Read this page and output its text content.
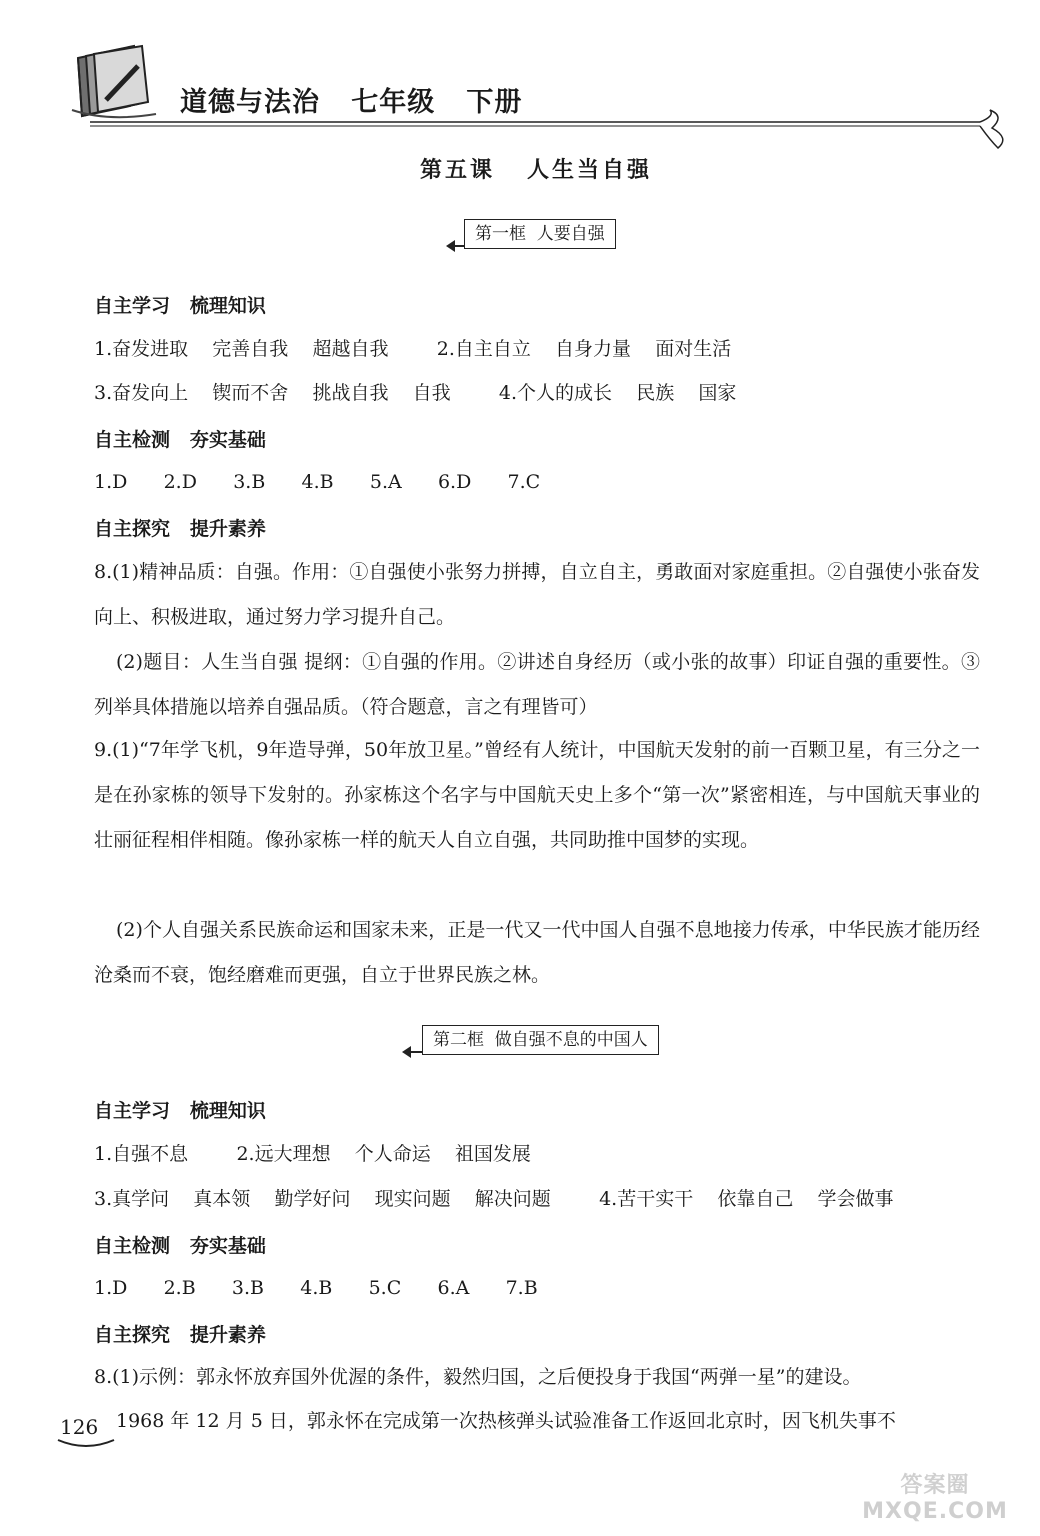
道德与法治   七年级   下册
第五课   人生当自强
第一框  人要自强
自主学习   梳理知识
1.奋发进取    完善自我    超越自我        2.自主自立    自身力量    面对生活
3.奋发向上    锲而不舍    挑战自我    自我        4.个人的成长    民族    国家
自主检测   夯实基础
1.D      2.D      3.B      4.B      5.A      6.D      7.C
自主探究   提升素养
8.(1)精神品质：自强。作用：①自强使小张努力拼搏，自立自主，勇敢面对家庭重担。②自强使小张奋发向上、积极进取，通过努力学习提升自己。
(2)题目：人生当自强 提纲：①自强的作用。②讲述自身经历（或小张的故事）印证自强的重要性。③列举具体措施以培养自强品质。（符合题意，言之有理皆可）
9.(1)“7年学飞机，9年造导弹，50年放卫星。”曾经有人统计，中国航天发射的前一百颗卫星，有三分之一是在孙家栋的领导下发射的。孙家栋这个名字与中国航天史上多个“第一次”紧密相连，与中国航天事业的壮丽征程相伴相随。像孙家栋一样的航天人自立自强，共同助推中国梦的实现。
(2)个人自强关系民族命运和国家未来，正是一代又一代中国人自强不息地接力传承，中华民族才能历经沧桑而不衰，饱经磨难而更强，自立于世界民族之林。
第二框  做自强不息的中国人
自主学习   梳理知识
1.自强不息        2.远大理想    个人命运    祖国发展
3.真学问    真本领    勤学好问    现实问题    解决问题        4.苦干实干    依靠自己    学会做事
自主检测   夯实基础
1.D      2.B      3.B      4.B      5.C      6.A      7.B
自主探究   提升素养
8.(1)示例：郭永怀放弃国外优渥的条件，毅然归国，之后便投身于我国“两弹一星”的建设。
1968 年 12 月 5 日，郭永怀在完成第一次热核弹头试验准备工作返回北京时，因飞机失事不
126
答案圈 MXQE.COM
